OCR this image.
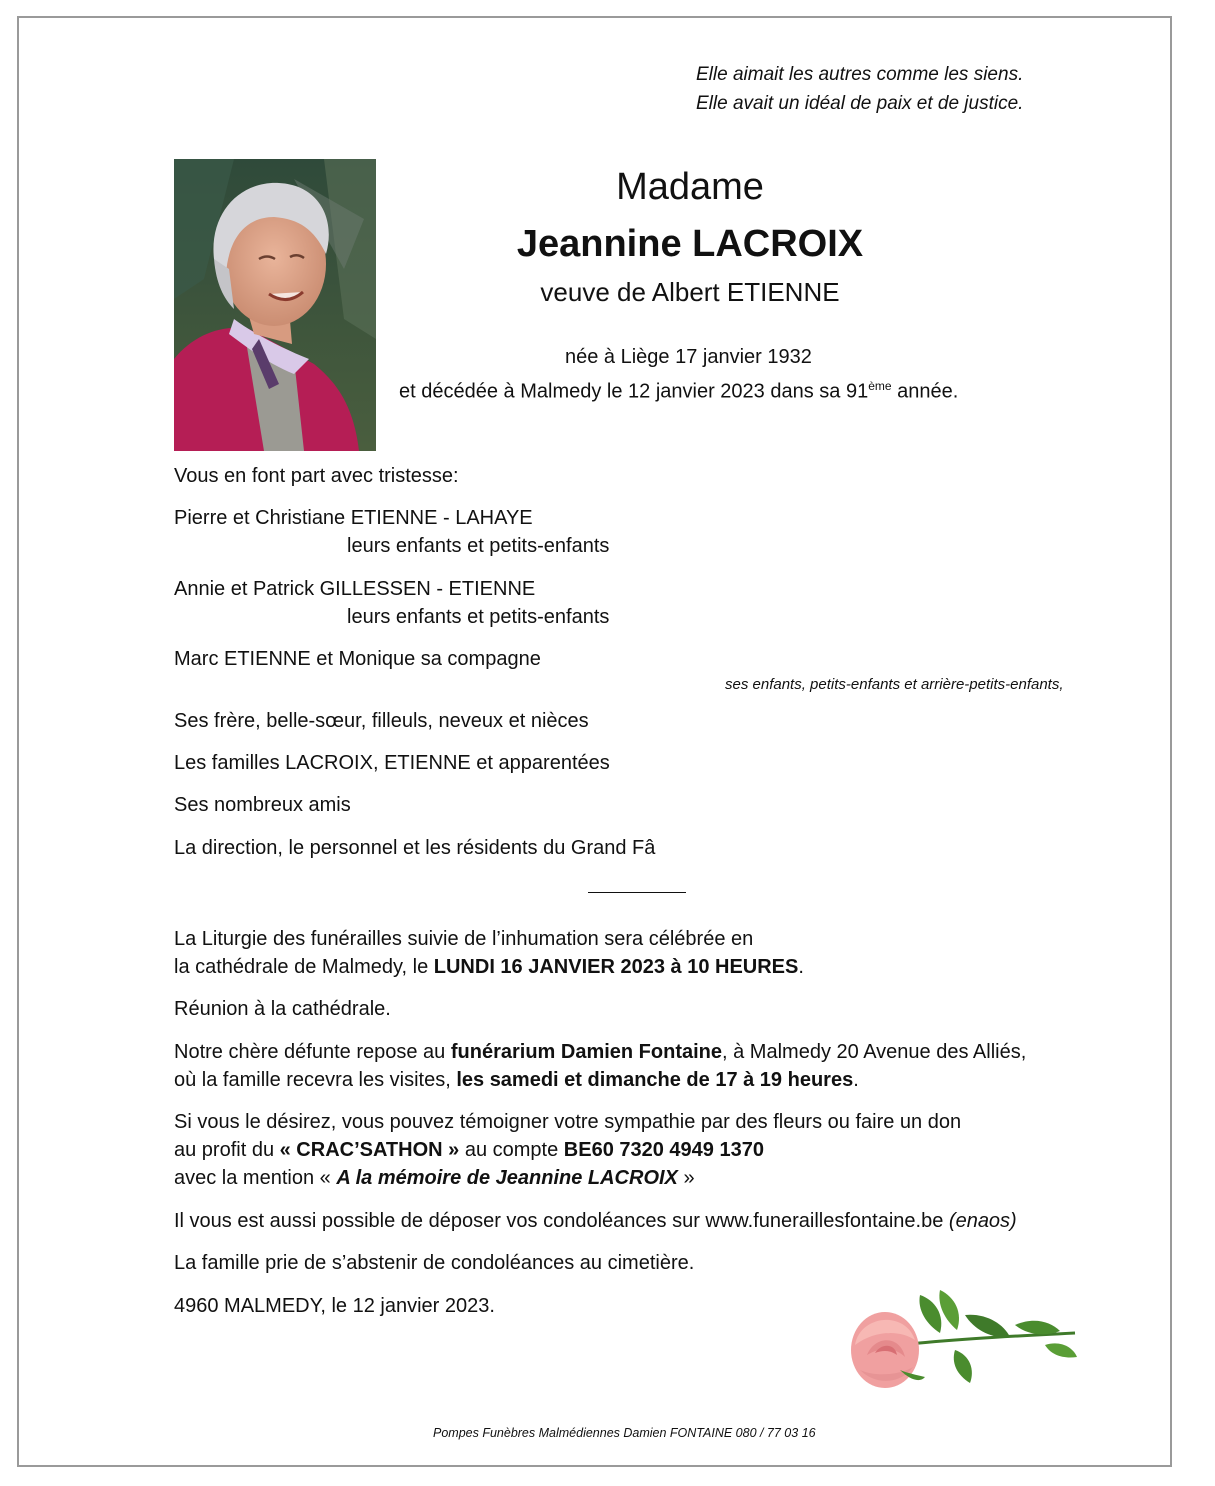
Elle aimait les autres comme les siens.
Elle avait un idéal de paix et de justice.
Madame
Jeannine LACROIX
veuve de Albert ETIENNE
née à Liège 17 janvier 1932
et décédée à Malmedy le 12 janvier 2023 dans sa 91ème année.
Vous en font part avec tristesse:
Pierre et Christiane ETIENNE - LAHAYE
leurs enfants et petits-enfants
Annie et Patrick GILLESSEN - ETIENNE
leurs enfants et petits-enfants
Marc ETIENNE et Monique sa compagne
ses enfants, petits-enfants et arrière-petits-enfants,
Ses frère, belle-sœur, filleuls, neveux et nièces
Les familles LACROIX, ETIENNE et apparentées
Ses nombreux amis
La direction, le personnel et les résidents du Grand Fâ
La Liturgie des funérailles suivie de l’inhumation sera célébrée en
la cathédrale de Malmedy, le LUNDI 16 JANVIER 2023 à 10 HEURES.
Réunion à la cathédrale.
Notre chère défunte repose au funérarium Damien Fontaine, à Malmedy 20 Avenue des Alliés,
où la famille recevra les visites, les samedi et dimanche de 17 à 19 heures.
Si vous le désirez, vous pouvez témoigner votre sympathie par des fleurs ou faire un don
au profit du « CRAC’SATHON » au compte BE60 7320 4949 1370
avec la mention « A la mémoire de Jeannine LACROIX »
Il vous est aussi possible de déposer vos condoléances sur www.funerailles​fontaine.be (enaos)
La famille prie de s’abstenir de condoléances au cimetière.
4960 MALMEDY, le 12 janvier 2023.
Pompes Funèbres Malmédiennes Damien FONTAINE 080 / 77 03 16
